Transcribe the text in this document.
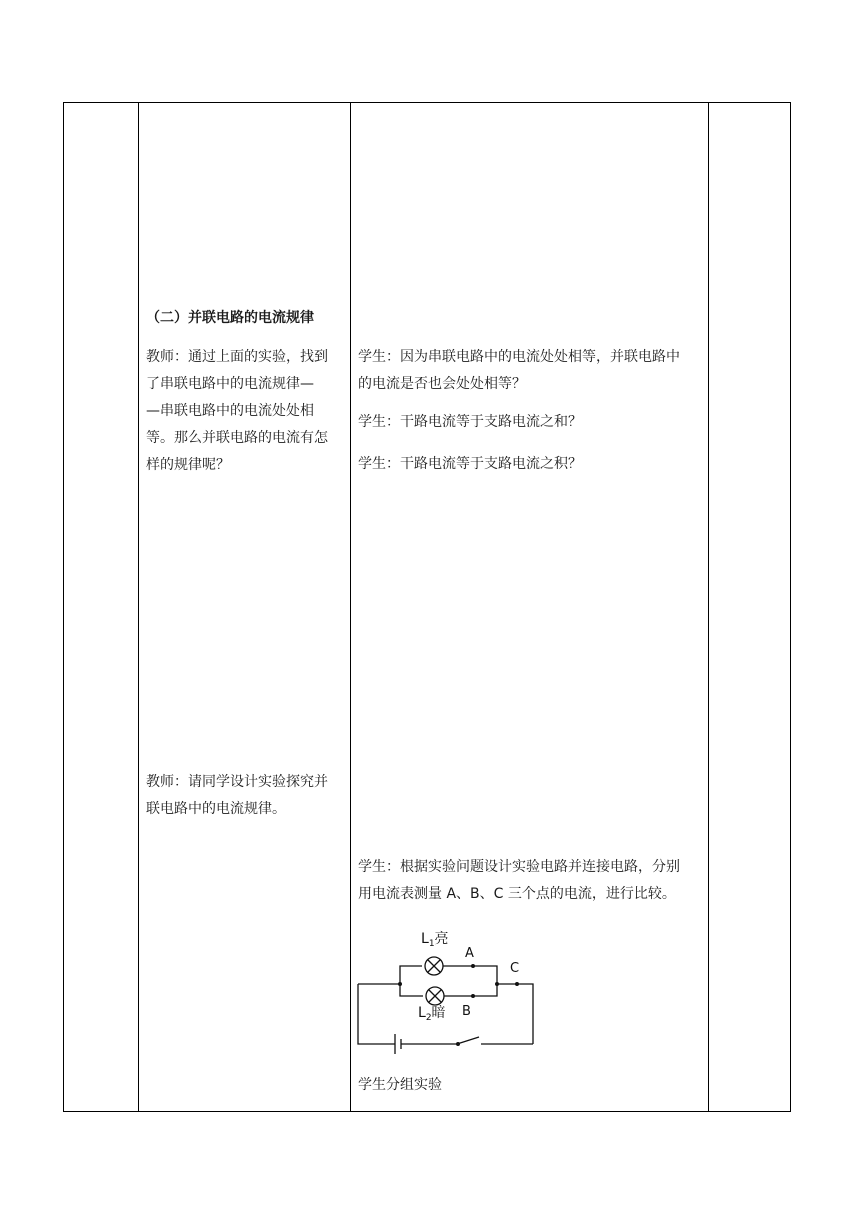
（二）并联电路的电流规律
教师：通过上面的实验，找到
了串联电路中的电流规律—
—串联电路中的电流处处相
等。那么并联电路的电流有怎
样的规律呢？
教师：请同学设计实验探究并
联电路中的电流规律。
学生：因为串联电路中的电流处处相等，并联电路中
的电流是否也会处处相等？
学生：干路电流等于支路电流之和？
学生：干路电流等于支路电流之积？
学生：根据实验问题设计实验电路并连接电路，分别
用电流表测量 A、B、C 三个点的电流，进行比较。
$L_1$亮
A
C
$L_2$暗 B
学生分组实验
